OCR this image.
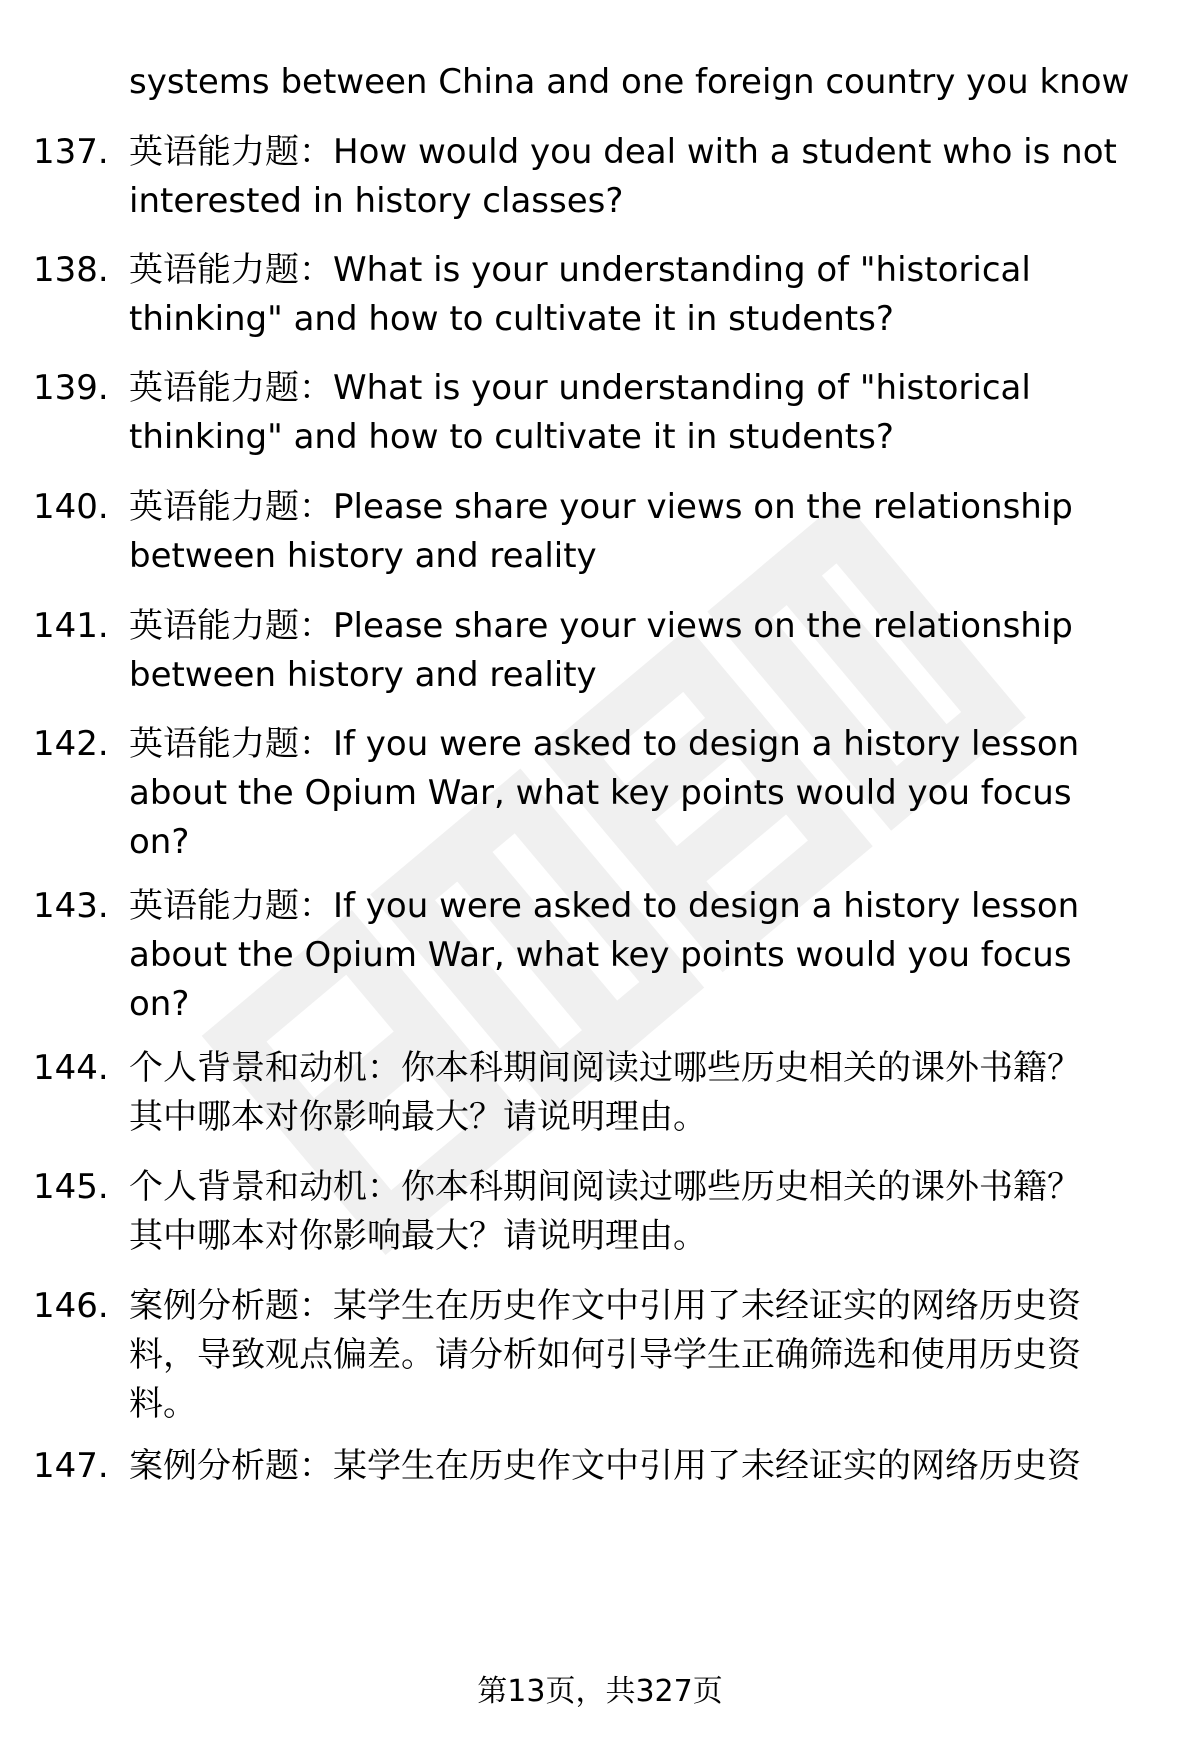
systems between China and one foreign country you know
137. 英语能力题：How would you deal with a student who is not
interested in history classes?
138. 英语能力题：What is your understanding of "historical
thinking" and how to cultivate it in students?
139. 英语能力题：What is your understanding of "historical
thinking" and how to cultivate it in students?
140. 英语能力题：Please share your views on the relationship
between history and reality
141. 英语能力题：Please share your views on the relationship
between history and reality
142. 英语能力题：If you were asked to design a history lesson
about the Opium War, what key points would you focus
on?
143. 英语能力题：If you were asked to design a history lesson
about the Opium War, what key points would you focus
on?
144. 个人背景和动机：你本科期间阅读过哪些历史相关的课外书籍？
其中哪本对你影响最大？请说明理由。
145. 个人背景和动机：你本科期间阅读过哪些历史相关的课外书籍？
其中哪本对你影响最大？请说明理由。
146. 案例分析题：某学生在历史作文中引用了未经证实的网络历史资
料，导致观点偏差。请分析如何引导学生正确筛选和使用历史资
料。
147. 案例分析题：某学生在历史作文中引用了未经证实的网络历史资
第13页，共327页
